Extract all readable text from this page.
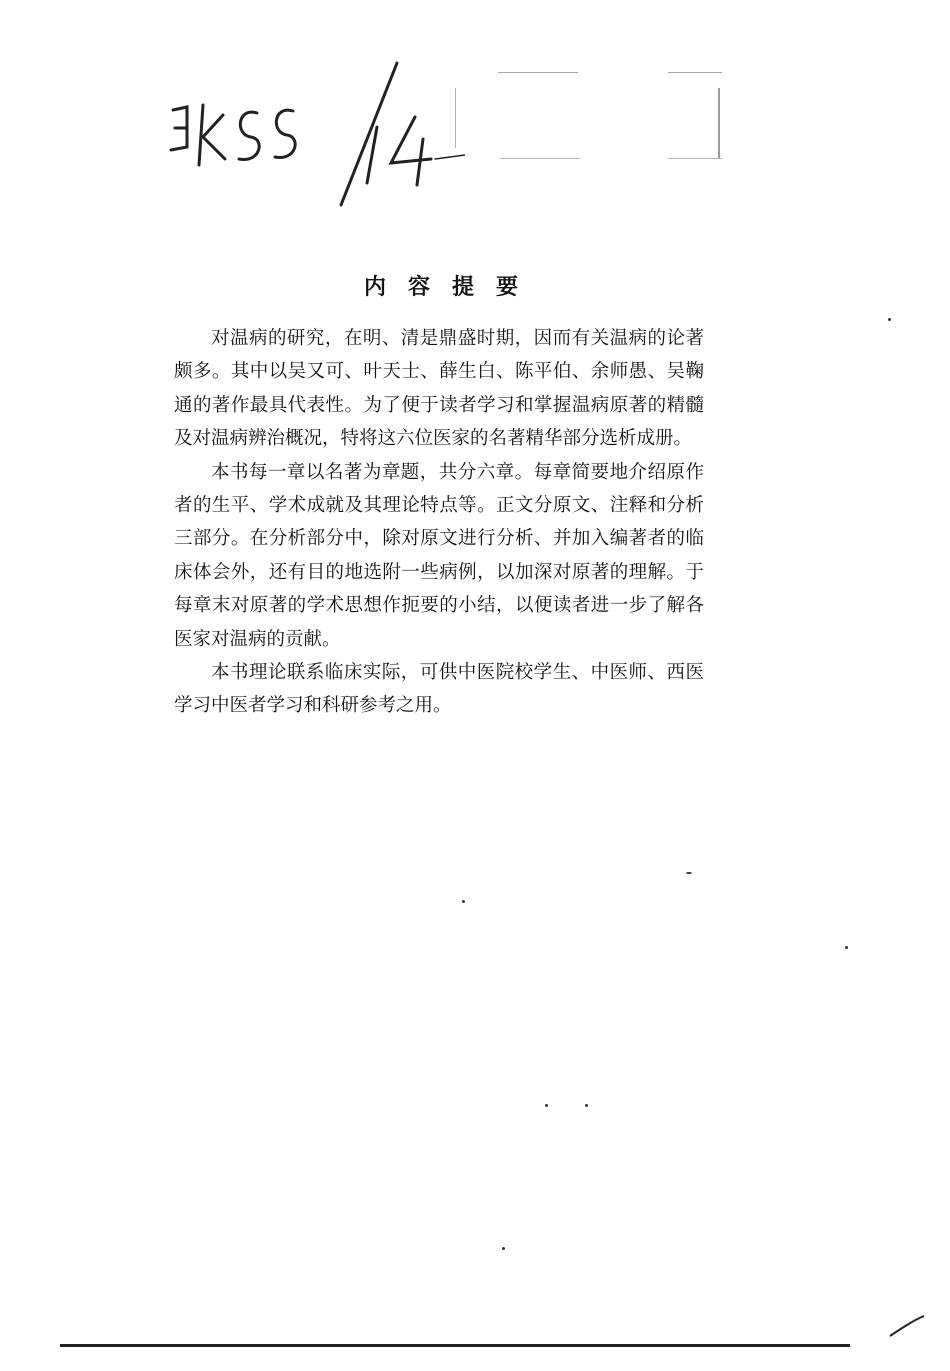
内容提要

对温病的研究，在明、清是鼎盛时期，因而有关温病的论著颇多。其中以吴又可、叶天士、薛生白、陈平伯、余师愚、吴鞠通的著作最具代表性。为了便于读者学习和掌握温病原著的精髓及对温病辨治概况，特将这六位医家的名著精华部分选析成册。

本书每一章以名著为章题，共分六章。每章简要地介绍原作者的生平、学术成就及其理论特点等。正文分原文、注释和分析三部分。在分析部分中，除对原文进行分析、并加入编著者的临床体会外，还有目的地选附一些病例，以加深对原著的理解。于每章末对原著的学术思想作扼要的小结，以便读者进一步了解各医家对温病的贡献。

本书理论联系临床实际，可供中医院校学生、中医师、西医学习中医者学习和科研参考之用。
